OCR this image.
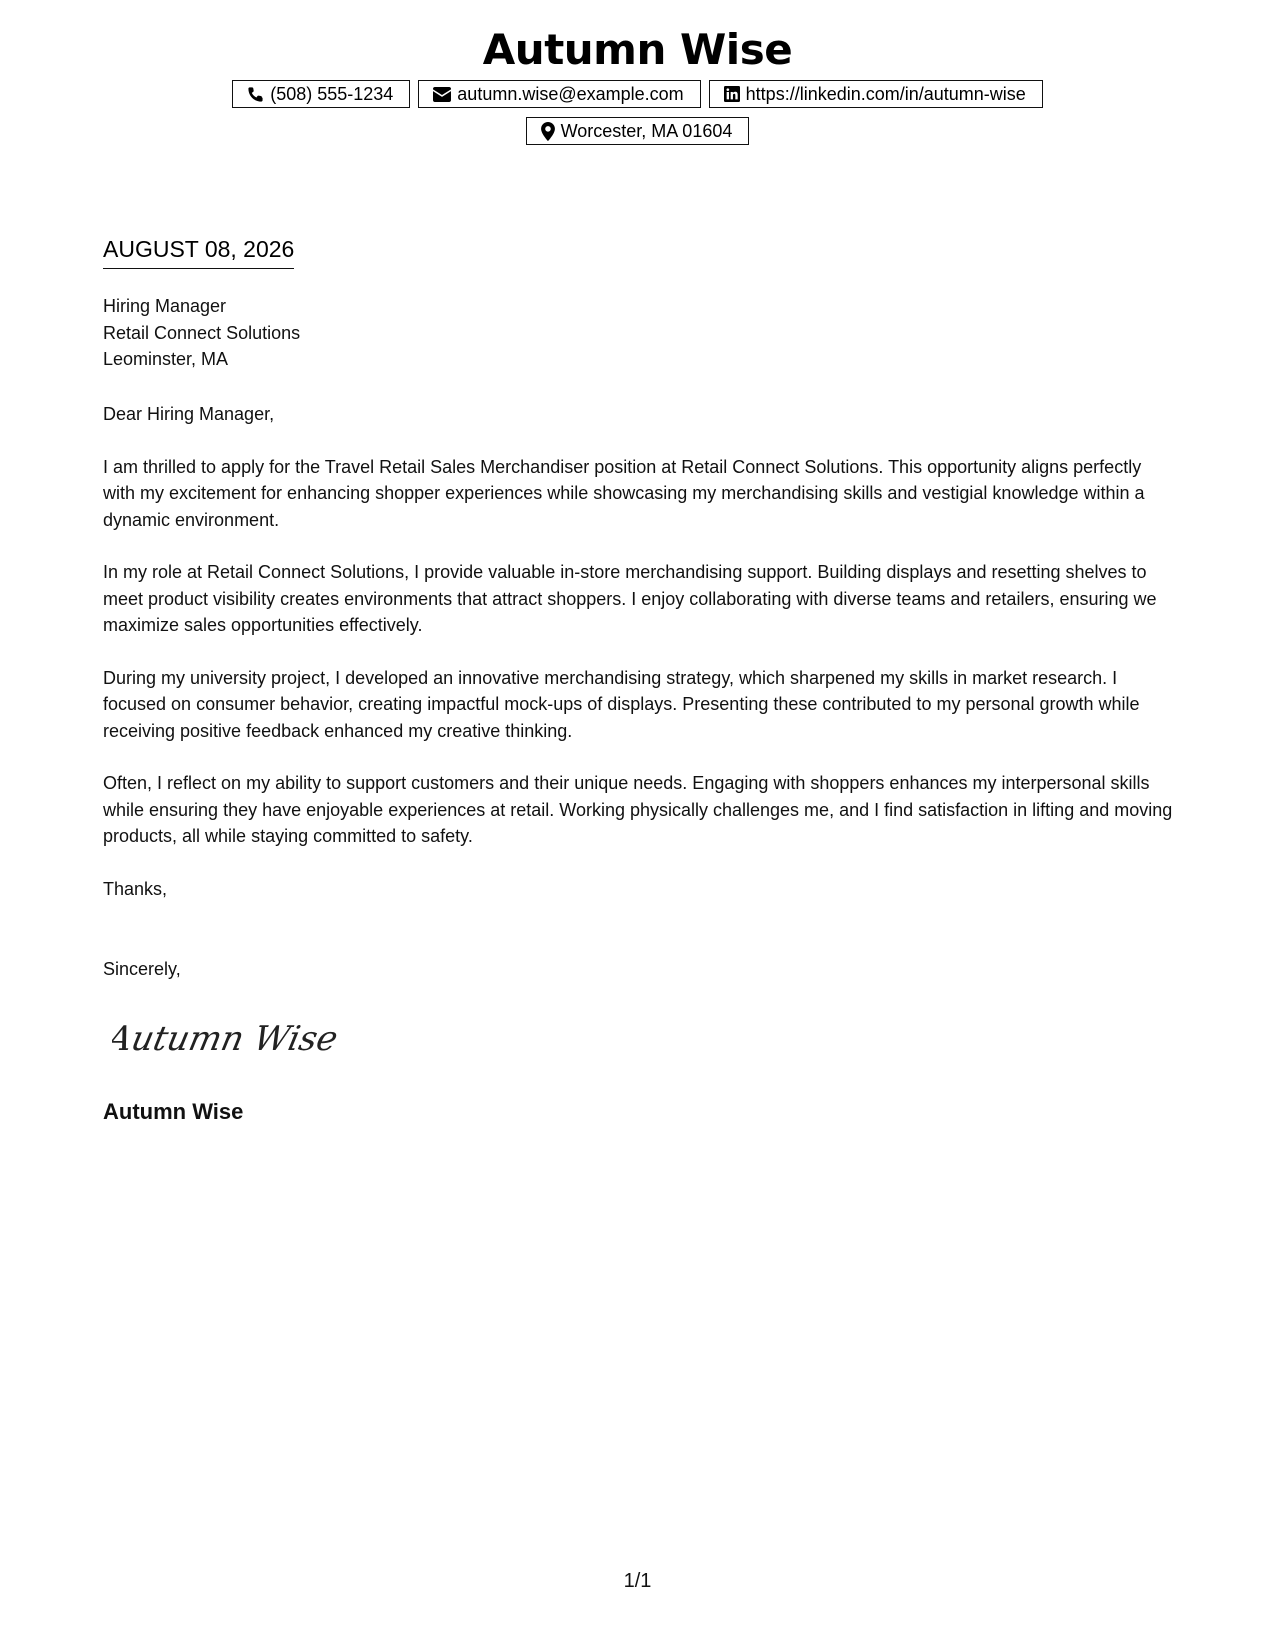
Autumn Wise
(508) 555-1234	autumn.wise@example.com	https://linkedin.com/in/autumn-wise
Worcester, MA 01604
AUGUST 08, 2026
Hiring Manager
Retail Connect Solutions
Leominster, MA

Dear Hiring Manager,

I am thrilled to apply for the Travel Retail Sales Merchandiser position at Retail Connect Solutions. This opportunity aligns perfectly with my excitement for enhancing shopper experiences while showcasing my merchandising skills and vestigial knowledge within a dynamic environment.

In my role at Retail Connect Solutions, I provide valuable in-store merchandising support. Building displays and resetting shelves to meet product visibility creates environments that attract shoppers. I enjoy collaborating with diverse teams and retailers, ensuring we maximize sales opportunities effectively.

During my university project, I developed an innovative merchandising strategy, which sharpened my skills in market research. I focused on consumer behavior, creating impactful mock-ups of displays. Presenting these contributed to my personal growth while receiving positive feedback enhanced my creative thinking.

Often, I reflect on my ability to support customers and their unique needs. Engaging with shoppers enhances my interpersonal skills while ensuring they have enjoyable experiences at retail. Working physically challenges me, and I find satisfaction in lifting and moving products, all while staying committed to safety.

Thanks,

Sincerely,
Autumn Wise
Autumn Wise
1/1
